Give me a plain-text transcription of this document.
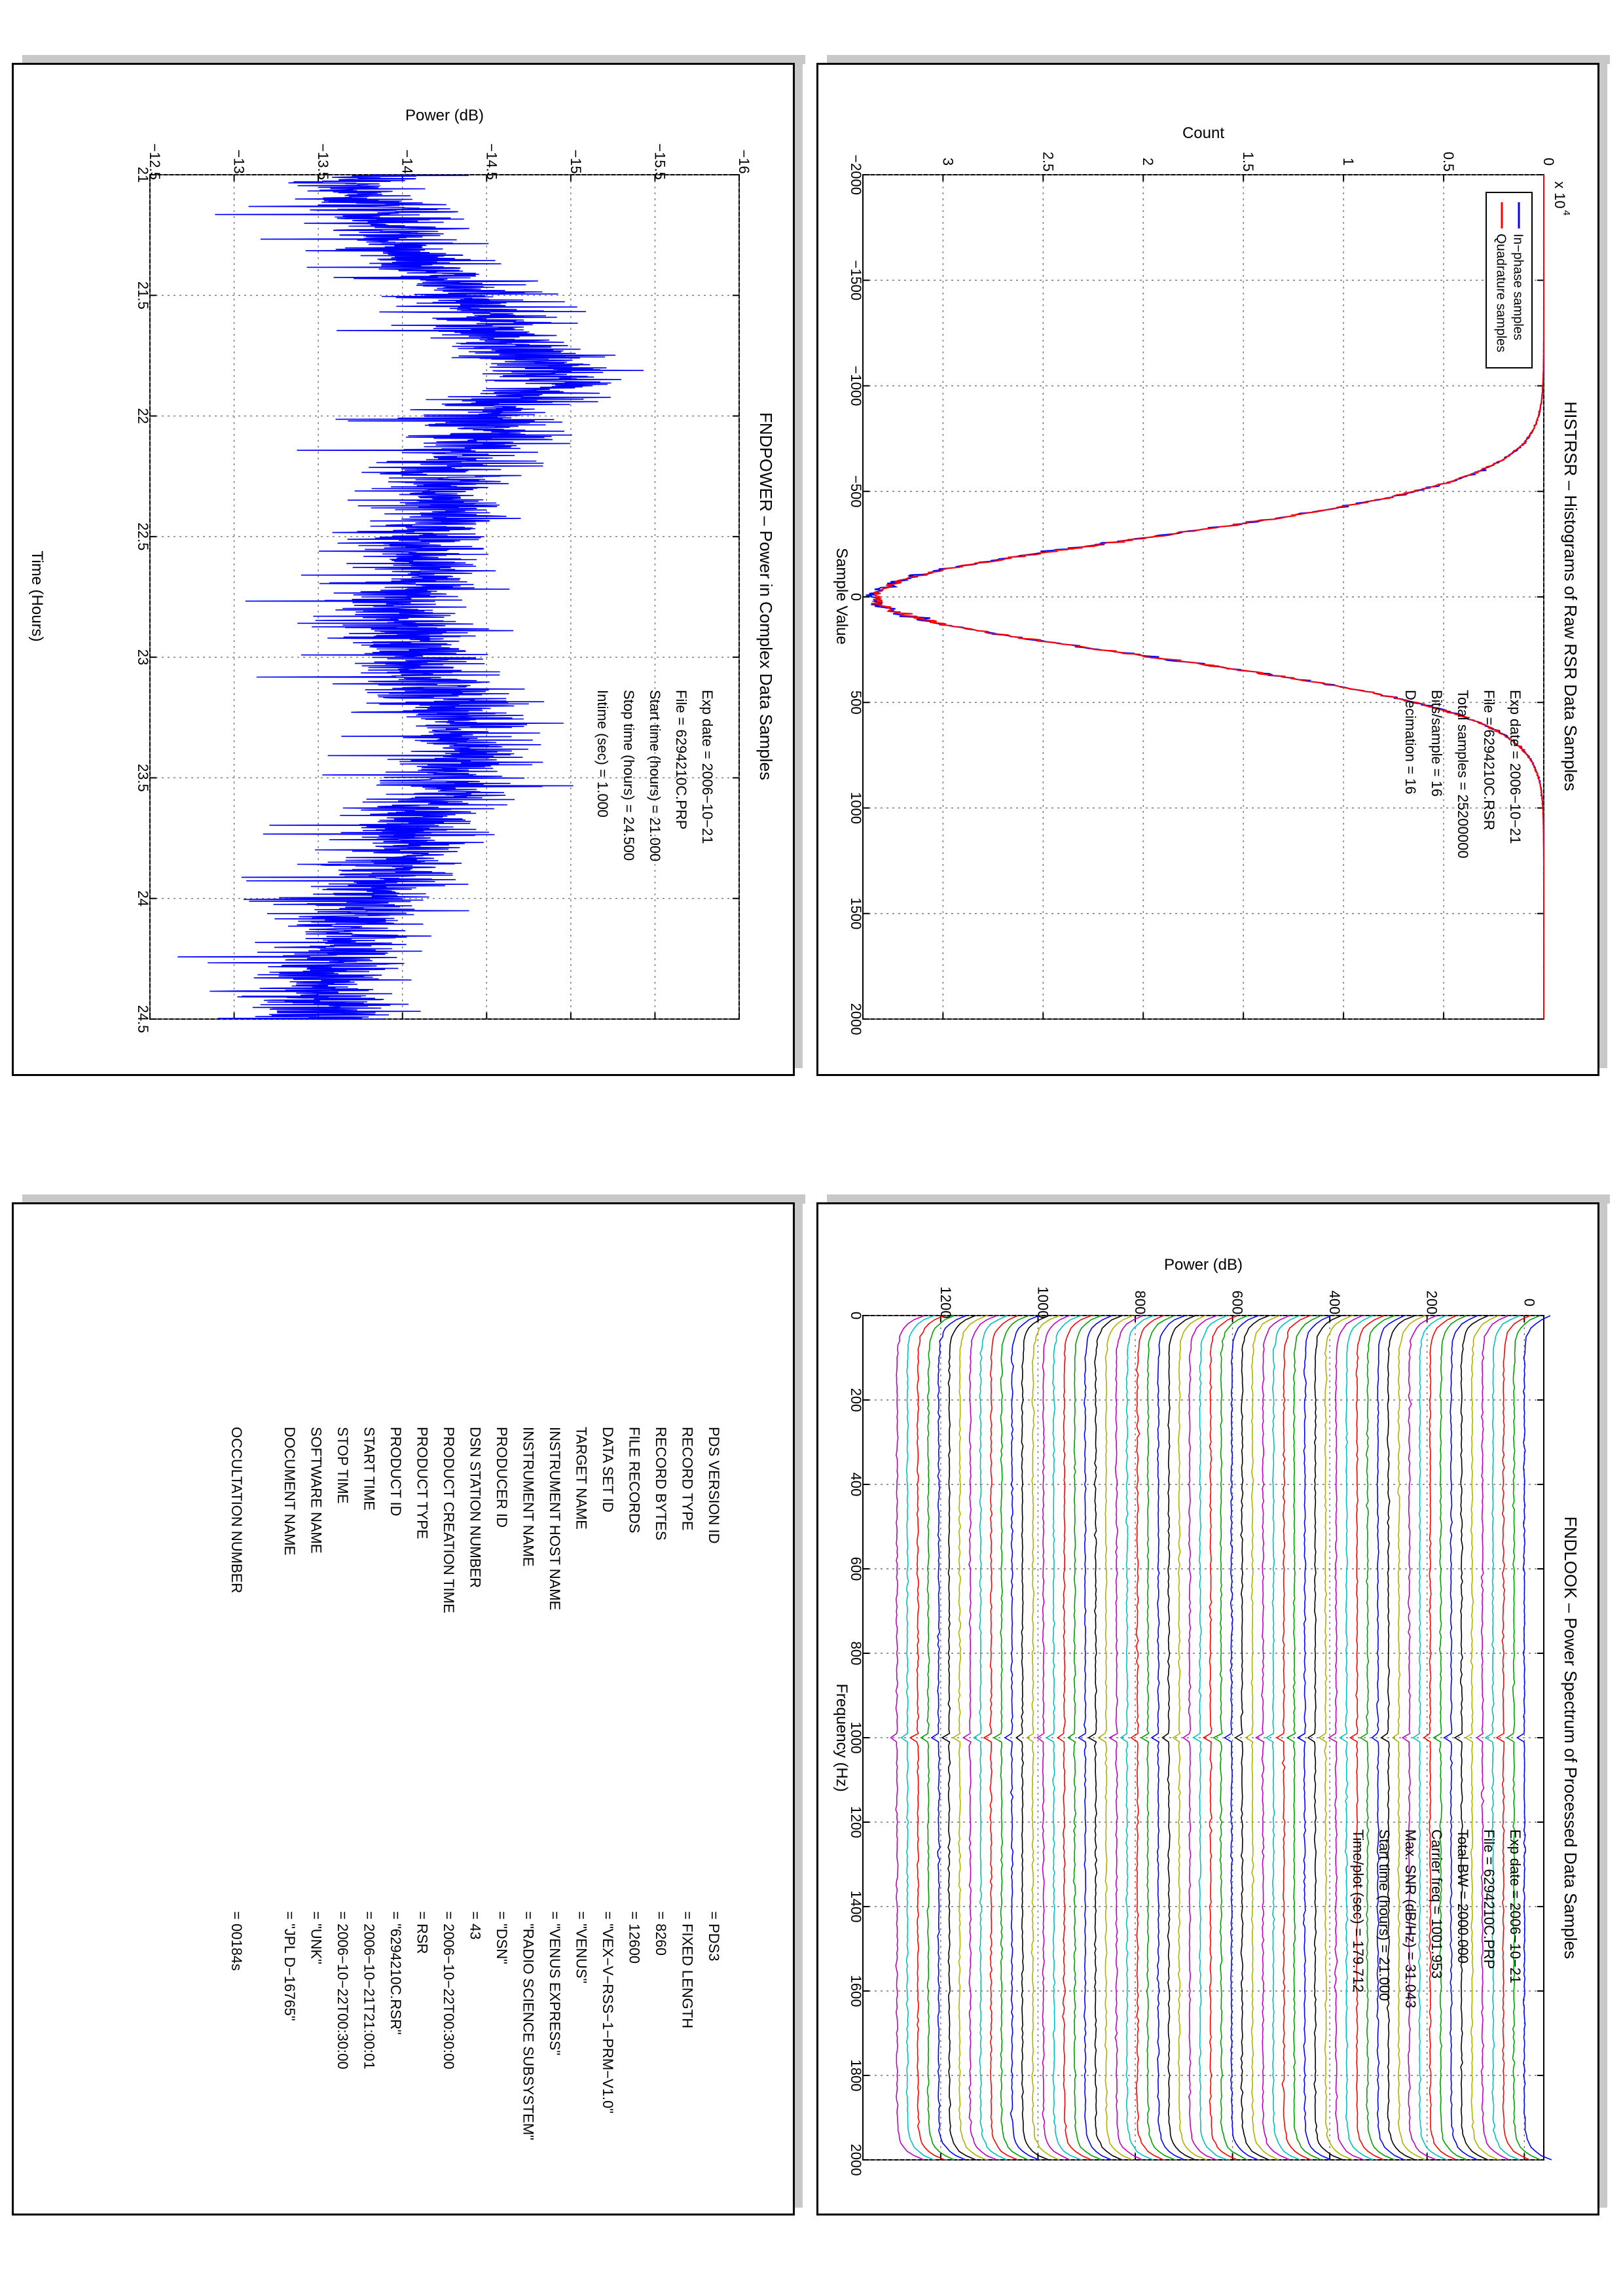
21
21.5
22
22.5
23
23.5
24
24.5
−16
−15.5
−15
−14.5
−14
−13.5
−13
−12.5
FNDPOWER – Power in Complex Data Samples
Time (Hours)
Power (dB)
Exp date = 2006−10−21
File = 6294210C.PRP
Start time (hours) = 21.000
Stop time (hours) = 24.500
Intime (sec) = 1.000
−2000
−1500
−1000
−500
0
500
1000
1500
2000
0
0.5
1
1.5
2
2.5
3
x 10
4
In−phase samples
Quadrature samples
HISTRSR – Histograms of Raw RSR Data Samples
Sample Value
Count
Exp date = 2006−10−21
File = 6294210C.RSR
Total samples = 25200000
Bits/sample = 16
Decimation = 16
PDS VERSION ID
= PDS3
RECORD TYPE
= FIXED LENGTH
RECORD BYTES
= 8260
FILE RECORDS
= 12600
DATA SET ID
= "VEX−V−RSS−1−PRM−V1.0"
TARGET NAME
= "VENUS"
INSTRUMENT HOST NAME
= "VENUS EXPRESS"
INSTRUMENT NAME
= "RADIO SCIENCE SUBSYSTEM"
PRODUCER ID
= "DSN"
DSN STATION NUMBER
= 43
PRODUCT CREATION TIME
= 2006−10−22T00:30:00
PRODUCT TYPE
= RSR
PRODUCT ID
= "6294210C.RSR"
START TIME
= 2006−10−21T21:00:01
STOP TIME
= 2006−10−22T00:30:00
SOFTWARE NAME
= "UNK"
DOCUMENT NAME
= "JPL D−16765"
OCCULTATION NUMBER
= 00184s
0
200
400
600
800
1000
1200
1400
1600
1800
2000
0
200
400
600
800
1000
1200
FNDLOOK – Power Spectrum of Processed Data Samples
Frequency (Hz)
Power (dB)
Exp date = 2006−10−21
File = 6294210C.PRP
Total BW = 2000.000
Carrier freq = 1001.953
Max. SNR (dB/Hz) = 31.043
Start time (hours) = 21.000
Time/plot (sec) = 179.712
